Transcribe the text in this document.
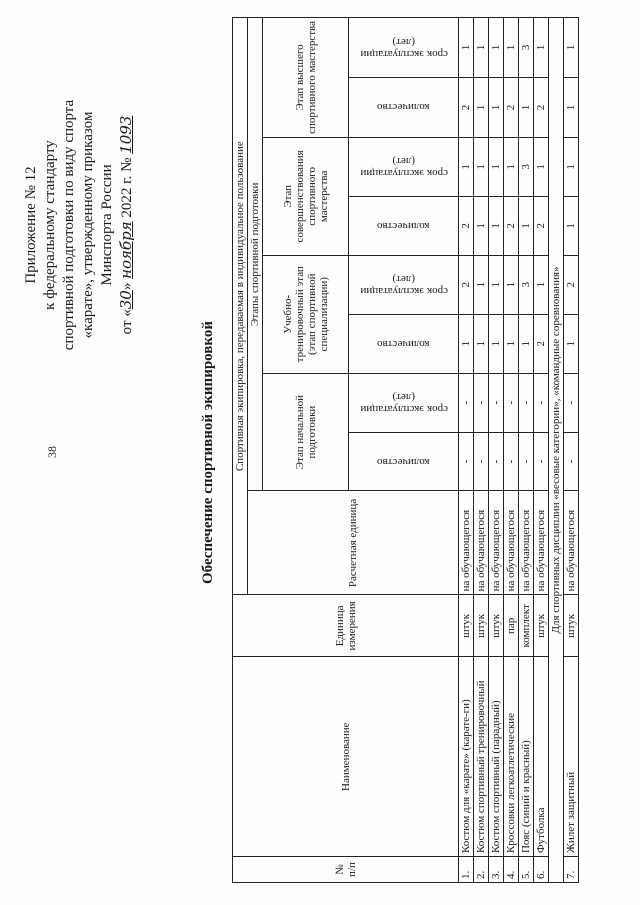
38
Приложение № 12 к федеральному стандарту спортивной подготовки по виду спорта «карате», утвержденному приказом Минспорта России
от «30» ноября 2022 г. № 1093
Обеспечение спортивной экипировкой
№ п/п	Наименование	Единица измерения	Спортивная экипировка, передаваемая в индивидуальное пользование								
			Расчетная единица	Этапы спортивной подготовки							
				Этап начальной подготовки		Учебно-тренировочный этап (этап спортивной специализации)		Этап совершенствования спортивного мастерства		Этап высшего спортивного мастерства	

				количество	срок эксплуатации (лет)	количество	срок эксплуатации (лет)	количество	срок эксплуатации (лет)	количество	срок эксплуатации (лет)

1.	Костюм для «карате» (карате-ги)	штук	на обучающегося	-	-	1	2	2	1	2	1
2.	Костюм спортивный тренировочный	штук	на обучающегося	-	-	1	1	1	1	1	1
3.	Костюм спортивный (парадный)	штук	на обучающегося	-	-	1	1	1	1	1	1
4.	Кроссовки легкоатлетические	пар	на обучающегося	-	-	1	1	2	1	2	1
5.	Пояс (синий и красный)	комплект	на обучающегося	-	-	1	3	1	3	1	3
6.	Футболка	штук	на обучающегося	-	-	2	1	2	1	2	1
Для спортивных дисциплин «весовые категории», «командные соревнования»											
7.	Жилет защитный	штук	на обучающегося	-	-	1	2	1	1	1	1
